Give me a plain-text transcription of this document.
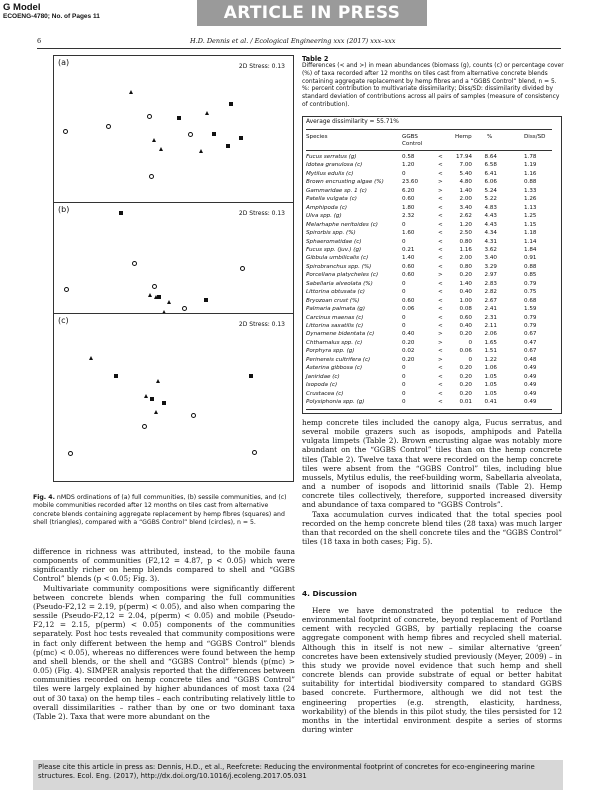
G Model
ECOENG-4780; No. of Pages 11	ARTICLE IN PRESS
6	H.D. Dennis et al. / Ecological Engineering xxx (2017) xxx–xxx
(a)	2D Stress: 0.13
(b)	2D Stress: 0.13
(c)	2D Stress: 0.13
Fig. 4. nMDS ordinations of (a) full communities, (b) sessile communities, and (c) mobile communities recorded after 12 months on tiles cast from alternative concrete blends containing aggregate replacement by hemp fibres (squares) and shell (triangles), compared with a “GGBS Control” blend (circles), n = 5.

difference in richness was attributed, instead, to the mobile fauna components of communities (F2,12 = 4.87, p < 0.05) which were significantly richer on hemp blends compared to shell and “GGBS Control” blends (p < 0.05; Fig. 3).

Multivariate community compositions were significantly different between concrete blends when comparing the full communities (Pseudo-F2,12 = 2.19, p(perm) < 0.05), and also when comparing the sessile (Pseudo-F2,12 = 2.04, p(perm) < 0.05) and mobile (Pseudo-F2,12 = 2.15, p(perm) < 0.05) components of the communities separately. Post hoc tests revealed that community compositions were in fact only different between the hemp and “GGBS Control” blends (p(mc) < 0.05), whereas no differences were found between the hemp and shell blends, or the shell and “GGBS Control” blends (p(mc) > 0.05) (Fig. 4). SIMPER analysis reported that the differences between communities recorded on hemp concrete tiles and “GGBS Control” tiles were largely explained by higher abundances of most taxa (24 out of 30 taxa) on the hemp tiles – each contributing relatively little to overall dissimilarities – rather than by one or two dominant taxa (Table 2). Taxa that were more abundant on the

Table 2
Differences (< and >) in mean abundances (biomass (g), counts (c) or percentage cover (%) of taxa recorded after 12 months on tiles cast from alternative concrete blends containing aggregate replacement by hemp fibres and a “GGBS Control” blend, n = 5. %: percent contribution to multivariate dissimilarity; Diss/SD: dissimilarity divided by standard deviation of contributions across all pairs of samples (measure of consistency of contribution).
Average dissimilarity = 55.71%
Species	GGBS
Control
Hemp	%	Diss/SD
Fucus serratus (g)	0.58	<	17.94	8.64	1.78
Idotea granulosa (c)	1.20	<	7.00	6.58	1.19
Mytilus edulis (c)	0	<	5.40	6.41	1.16
Brown encrusting algae (%)	23.60	>	4.80	6.06	0.88
Gammaridae sp. 1 (c)	6.20	>	1.40	5.24	1.33
Patella vulgata (c)	0.60	<	2.00	5.22	1.26
Amphipoda (c)	1.80	<	3.40	4.83	1.13
Ulva spp. (g)	2.32	<	2.62	4.43	1.25
Melarhaphe neritoides (c)	0	<	1.20	4.43	1.15
Spirorbis spp. (%)	1.60	<	2.50	4.34	1.18
Sphaeromatidae (c)	0	<	0.80	4.31	1.14
Fucus spp. (juv.) (g)	0.21	<	1.16	3.62	1.84
Gibbula umbilicalis (c)	1.40	<	2.00	3.40	0.91
Spirobranchus spp. (%)	0.60	<	0.80	3.29	0.88
Porcellana platycheles (c)	0.60	>	0.20	2.97	0.85
Sabellaria alveolata (%)	0	<	1.40	2.83	0.79
Littorina obtusata (c)	0	<	0.40	2.82	0.75
Bryozoan crust (%)	0.60	<	1.00	2.67	0.68
Palmaria palmata (g)	0.06	<	0.08	2.41	1.59
Carcinus maenas (c)	0	<	0.60	2.31	0.79
Littorina saxatilis (c)	0	<	0.40	2.11	0.79
Dynamene bidentata (c)	0.40	>	0.20	2.06	0.67
Chthamalus spp. (c)	0.20	>	0	1.65	0.47
Porphyra spp. (g)	0.02	<	0.06	1.51	0.67
Perinereis cultrifera (c)	0.20	>	0	1.22	0.48
Asterina gibbosa (c)	0	<	0.20	1.06	0.49
Janiridae (c)	0	<	0.20	1.05	0.49
Isopoda (c)	0	<	0.20	1.05	0.49
Crustacea (c)	0	<	0.20	1.05	0.49
Polysiphonia spp. (g)	0	<	0.01	0.41	0.49

hemp concrete tiles included the canopy alga, Fucus serratus, and several mobile grazers such as isopods, amphipods and Patella vulgata limpets (Table 2). Brown encrusting algae was notably more abundant on the “GGBS Control” tiles than on the hemp concrete tiles (Table 2). Twelve taxa that were recorded on the hemp concrete tiles were absent from the “GGBS Control” tiles, including blue mussels, Mytilus edulis, the reef-building worm, Sabellaria alveolata, and a number of isopods and littorinid snails (Table 2). Hemp concrete tiles collectively, therefore, supported increased diversity and abundance of taxa compared to “GGBS Controls”.

Taxa accumulation curves indicated that the total species pool recorded on the hemp concrete blend tiles (28 taxa) was much larger than that recorded on the shell concrete tiles and the “GGBS Control” tiles (18 taxa in both cases; Fig. 5).

4. Discussion

Here we have demonstrated the potential to reduce the environmental footprint of concrete, beyond replacement of Portland cement with recycled GGBS, by partially replacing the coarse aggregate component with hemp fibres and recycled shell material. Although this in itself is not new – similar alternative ‘green’ concretes have been extensively studied previously (Meyer, 2009) – in this study we provide novel evidence that such hemp and shell concrete blends can provide substrate of equal or better habitat suitability for intertidal biodiversity compared to standard GGBS based concrete. Furthermore, although we did not test the engineering properties (e.g. strength, elasticity, hardness, workability) of the blends in this pilot study, the tiles persisted for 12 months in the intertidal environment despite a series of storms during winter

Please cite this article in press as: Dennis, H.D., et al., Reefcrete: Reducing the environmental footprint of concretes for eco-engineering marine structures. Ecol. Eng. (2017), http://dx.doi.org/10.1016/j.ecoleng.2017.05.031
